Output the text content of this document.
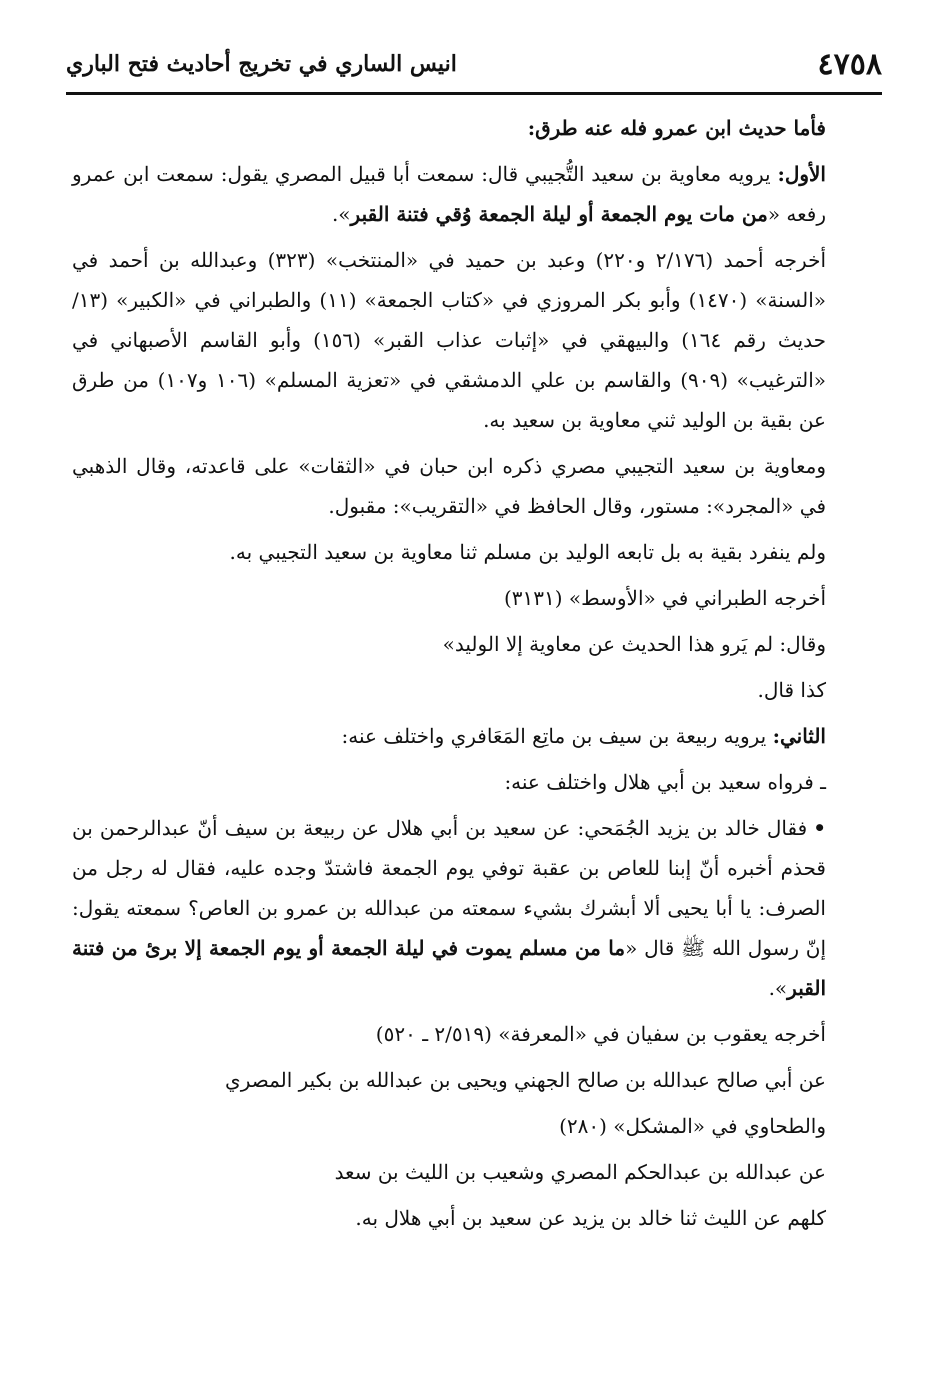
٤٧٥٨
انيس الساري في تخريج أحاديث فتح الباري

فأما حديث ابن عمرو فله عنه طرق:

الأول: يرويه معاوية بن سعيد التُّجيبي قال: سمعت أبا قبيل المصري يقول: سمعت ابن عمرو رفعه «من مات يوم الجمعة أو ليلة الجمعة وُقي فتنة القبر».

أخرجه أحمد (٢/١٧٦ و٢٢٠) وعبد بن حميد في «المنتخب» (٣٢٣) وعبدالله بن أحمد في «السنة» (١٤٧٠) وأبو بكر المروزي في «كتاب الجمعة» (١١) والطبراني في «الكبير» (١٣/حديث رقم ١٦٤) والبيهقي في «إثبات عذاب القبر» (١٥٦) وأبو القاسم الأصبهاني في «الترغيب» (٩٠٩) والقاسم بن علي الدمشقي في «تعزية المسلم» (١٠٦ و١٠٧) من طرق عن بقية بن الوليد ثني معاوية بن سعيد به.

ومعاوية بن سعيد التجيبي مصري ذكره ابن حبان في «الثقات» على قاعدته، وقال الذهبي في «المجرد»: مستور، وقال الحافظ في «التقريب»: مقبول.

ولم ينفرد بقية به بل تابعه الوليد بن مسلم ثنا معاوية بن سعيد التجيبي به.

أخرجه الطبراني في «الأوسط» (٣١٣١)

وقال: لم يَرو هذا الحديث عن معاوية إلا الوليد»

كذا قال.

الثاني: يرويه ربيعة بن سيف بن ماتِع المَعَافري واختلف عنه:

ـ فرواه سعيد بن أبي هلال واختلف عنه:

•فقال خالد بن يزيد الجُمَحي: عن سعيد بن أبي هلال عن ربيعة بن سيف أنّ عبدالرحمن بن قحذم أخبره أنّ إبنا للعاص بن عقبة توفي يوم الجمعة فاشتدّ وجده عليه، فقال له رجل من الصرف: يا أبا يحيى ألا أبشرك بشيء سمعته من عبدالله بن عمرو بن العاص؟ سمعته يقول: إنّ رسول الله ﷺ قال «ما من مسلم يموت في ليلة الجمعة أو يوم الجمعة إلا برئ من فتنة القبر».

أخرجه يعقوب بن سفيان في «المعرفة» (٢/٥١٩ ـ ٥٢٠)

عن أبي صالح عبدالله بن صالح الجهني ويحيى بن عبدالله بن بكير المصري

والطحاوي في «المشكل» (٢٨٠)

عن عبدالله بن عبدالحكم المصري وشعيب بن الليث بن سعد

كلهم عن الليث ثنا خالد بن يزيد عن سعيد بن أبي هلال به.
